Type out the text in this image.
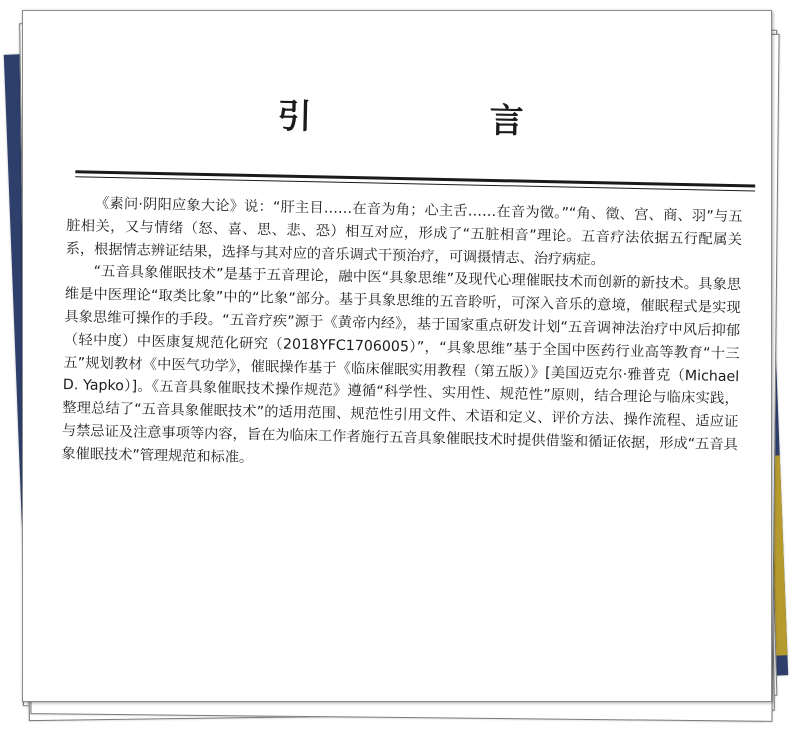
引　言

《素问·阴阳应象大论》说：“肝主目……在音为角；心主舌……在音为徵。”“角、徵、宫、商、羽”与五脏相关，又与情绪（怒、喜、思、悲、恐）相互对应，形成了“五脏相音”理论。五音疗法依据五行配属关系，根据情志辨证结果，选择与其对应的音乐调式干预治疗，可调摄情志、治疗病症。

“五音具象催眠技术”是基于五音理论，融中医“具象思维”及现代心理催眠技术而创新的新技术。具象思维是中医理论“取类比象”中的“比象”部分。基于具象思维的五音聆听，可深入音乐的意境，催眠程式是实现具象思维可操作的手段。“五音疗疾”源于《黄帝内经》，基于国家重点研发计划“五音调神法治疗中风后抑郁（轻中度）中医康复规范化研究（2018YFC1706005）”，“具象思维”基于全国中医药行业高等教育“十三五”规划教材《中医气功学》，催眠操作基于《临床催眠实用教程（第五版）》[美国迈克尔·雅普克（Michael D. Yapko）]。《五音具象催眠技术操作规范》遵循“科学性、实用性、规范性”原则，结合理论与临床实践，整理总结了“五音具象催眠技术”的适用范围、规范性引用文件、术语和定义、评价方法、操作流程、适应证与禁忌证及注意事项等内容，旨在为临床工作者施行五音具象催眠技术时提供借鉴和循证依据，形成“五音具象催眠技术”管理规范和标准。
